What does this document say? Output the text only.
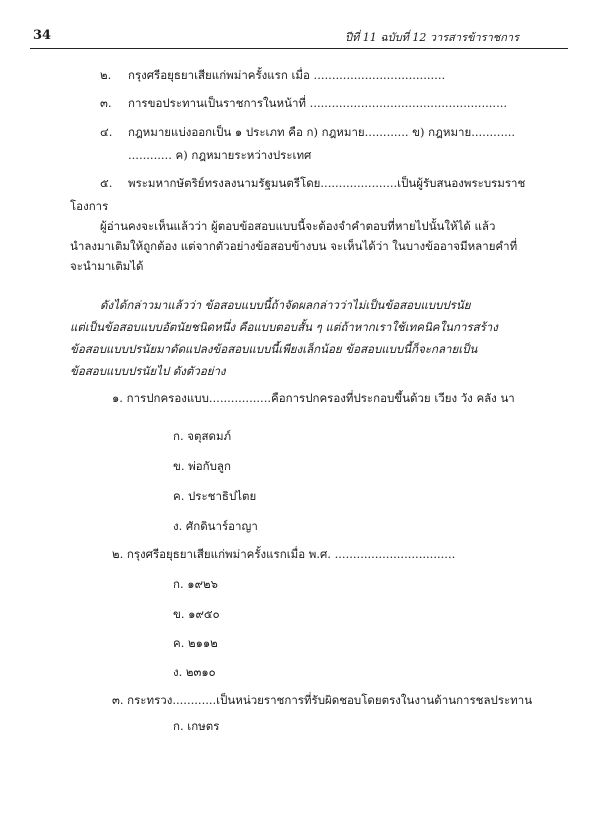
34	ปีที่ 11 ฉบับที่ 12 วารสารข้าราชการ
๒. กรุงศรีอยุธยาเสียแก่พม่าครั้งแรก เมื่อ ....................................
๓. การขอประทานเป็นราชการในหน้าที่ ......................................................
๔. กฎหมายแบ่งออกเป็น ๑ ประเภท คือ ก) กฎหมาย............ ข) กฎหมาย............
............ ค) กฎหมายระหว่างประเทศ
๕. พระมหากษัตริย์ทรงลงนามรัฐมนตรีโดย.....................เป็นผู้รับสนองพระบรมราช
โองการ
ผู้อ่านคงจะเห็นแล้วว่า ผู้ตอบข้อสอบแบบนี้จะต้องจำคำตอบที่หายไปนั้นให้ได้ แล้ว
นำลงมาเติมให้ถูกต้อง แต่จากตัวอย่างข้อสอบข้างบน จะเห็นได้ว่า ในบางข้ออาจมีหลายคำที่
จะนำมาเติมได้
ดังได้กล่าวมาแล้วว่า ข้อสอบแบบนี้ถ้าจัดผลกล่าวว่าไม่เป็นข้อสอบแบบปรนัย
แต่เป็นข้อสอบแบบอัตนัยชนิดหนึ่ง คือแบบตอบสั้น ๆ แต่ถ้าหากเราใช้เทคนิคในการสร้าง
ข้อสอบแบบปรนัยมาดัดแปลงข้อสอบแบบนี้เพียงเล็กน้อย ข้อสอบแบบนี้ก็จะกลายเป็น
ข้อสอบแบบปรนัยไป ดังตัวอย่าง
๑. การปกครองแบบ.................คือการปกครองที่ประกอบขึ้นด้วย เวียง วัง คลัง นา
ก. จตุสดมภ์
ข. พ่อกับลูก
ค. ประชาธิปไตย
ง. ศักดินาร์อาญา
๒. กรุงศรีอยุธยาเสียแก่พม่าครั้งแรกเมื่อ พ.ศ. .................................
ก. ๑๙๒๖
ข. ๑๙๕๐
ค. ๒๑๑๒
ง. ๒๓๑๐
๓. กระทรวง............เป็นหน่วยราชการที่รับผิดชอบโดยตรงในงานด้านการชลประทาน
ก. เกษตร
